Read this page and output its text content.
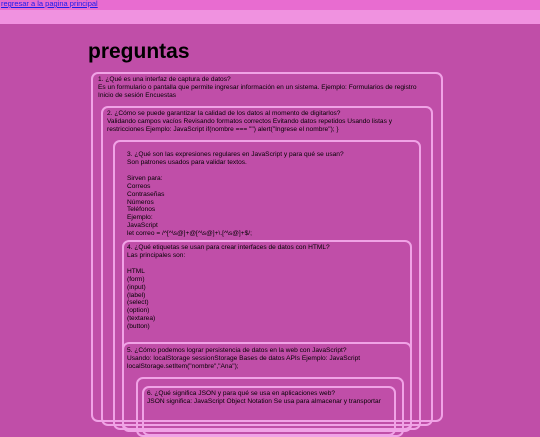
regresar a la pagina principal
preguntas
1. ¿Qué es una interfaz de captura de datos?
Es un formulario o pantalla que permite ingresar información en un sistema. Ejemplo: Formularios de registro
Inicio de sesión Encuestas
2. ¿Cómo se puede garantizar la calidad de los datos al momento de digitarlos?
Validando campos vacíos Revisando formatos correctos Evitando datos repetidos Usando listas y
restricciones Ejemplo: JavaScript if(nombre === "") alert("Ingrese el nombre"); }
3. ¿Qué son las expresiones regulares en JavaScript y para qué se usan?
Son patrones usados para validar textos.

Sirven para:
Correos
Contraseñas
Números
Teléfonos
Ejemplo:
JavaScript
let correo = /^[^\s@]+@[^\s@]+\.[^\s@]+$/;
4. ¿Qué etiquetas se usan para crear interfaces de datos con HTML?
Las principales son:

HTML
(form)
(input)
(label)
(select)
(option)
(textarea)
(button)
5. ¿Cómo podemos lograr persistencia de datos en la web con JavaScript?
Usando: localStorage sessionStorage Bases de datos APIs Ejemplo: JavaScript
localStorage.setItem("nombre","Ana");
6. ¿Qué significa JSON y para qué se usa en aplicaciones web?
JSON significa: JavaScript Object Notation Se usa para almacenar y transportar
